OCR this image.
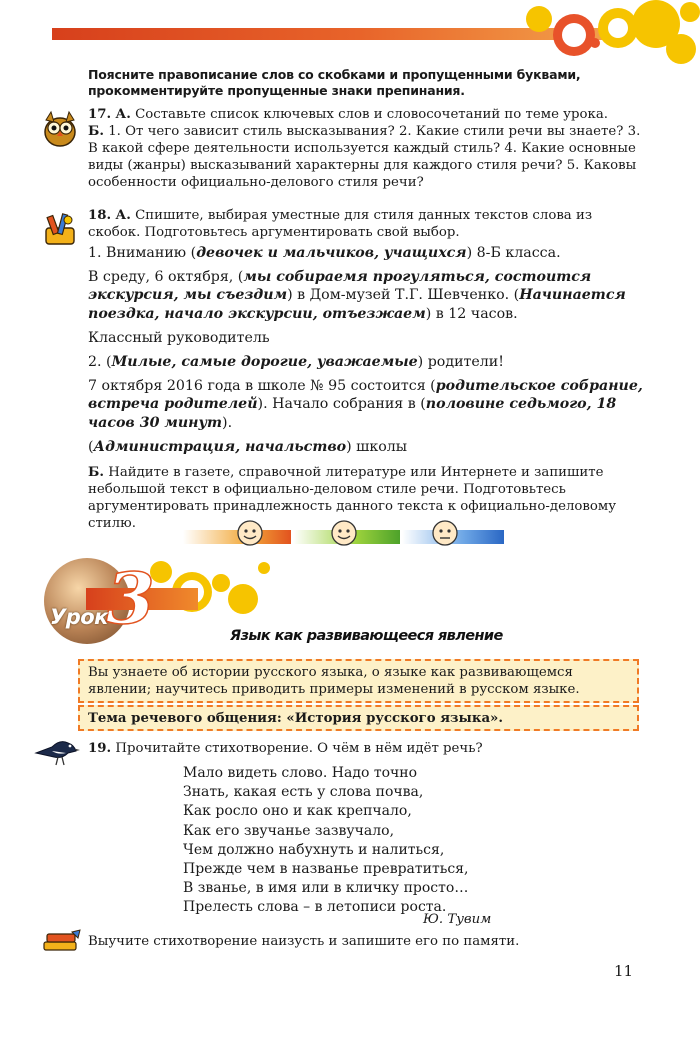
Поясните правописание слов со скобками и пропущенными буквами, прокомментируйте пропущенные знаки препинания.

17. А. Составьте список ключевых слов и словосочетаний по теме урока.

Б. 1. От чего зависит стиль высказывания? 2. Какие стили речи вы знаете? 3. В какой сфере деятельности используется каждый стиль? 4. Какие основные виды (жанры) высказываний характерны для каждого стиля речи? 5. Каковы особенности официально-делового стиля речи?

18. А. Спишите, выбирая уместные для стиля данных текстов слова из скобок. Подготовьтесь аргументировать свой выбор.

1. Вниманию (девочек и мальчиков, учащихся) 8-Б класса.

В среду, 6 октября, (мы собираемя прогуляться, состоится экскурсия, мы съездим) в Дом-музей Т.Г. Шевченко. (Начинается поездка, начало экскурсии, отъезжаем) в 12 часов.

Классный руководитель

2. (Милые, самые дорогие, уважаемые) родители!

7 октября 2016 года в школе № 95 состоится (родительское собрание, встреча родителей). Начало собрания в (половине седьмого, 18 часов 30 минут).

(Администрация, начальство) школы

Б. Найдите в газете, справочной литературе или Интернете и запишите небольшой текст в официально-деловом стиле речи. Подготовьтесь аргументировать принадлежность данного текста к официально-деловому стилю.

3
Урок
Язык как развивающееся явление
Вы узнаете об истории русского языка, о языке как развивающемся явлении; научитесь приводить примеры изменений в русском языке.
Тема речевого общения: «История русского языка».
19. Прочитайте стихотворение. О чём в нём идёт речь?
Мало видеть слово. Надо точно
Знать, какая есть у слова почва,
Как росло оно и как крепчало,
Как его звучанье зазвучало,
Чем должно набухнуть и налиться,
Прежде чем в названье превратиться,
В званье, в имя или в кличку просто…
Прелесть слова – в летописи роста.
Ю. Тувим
Выучите стихотворение наизусть и запишите его по памяти.
11
